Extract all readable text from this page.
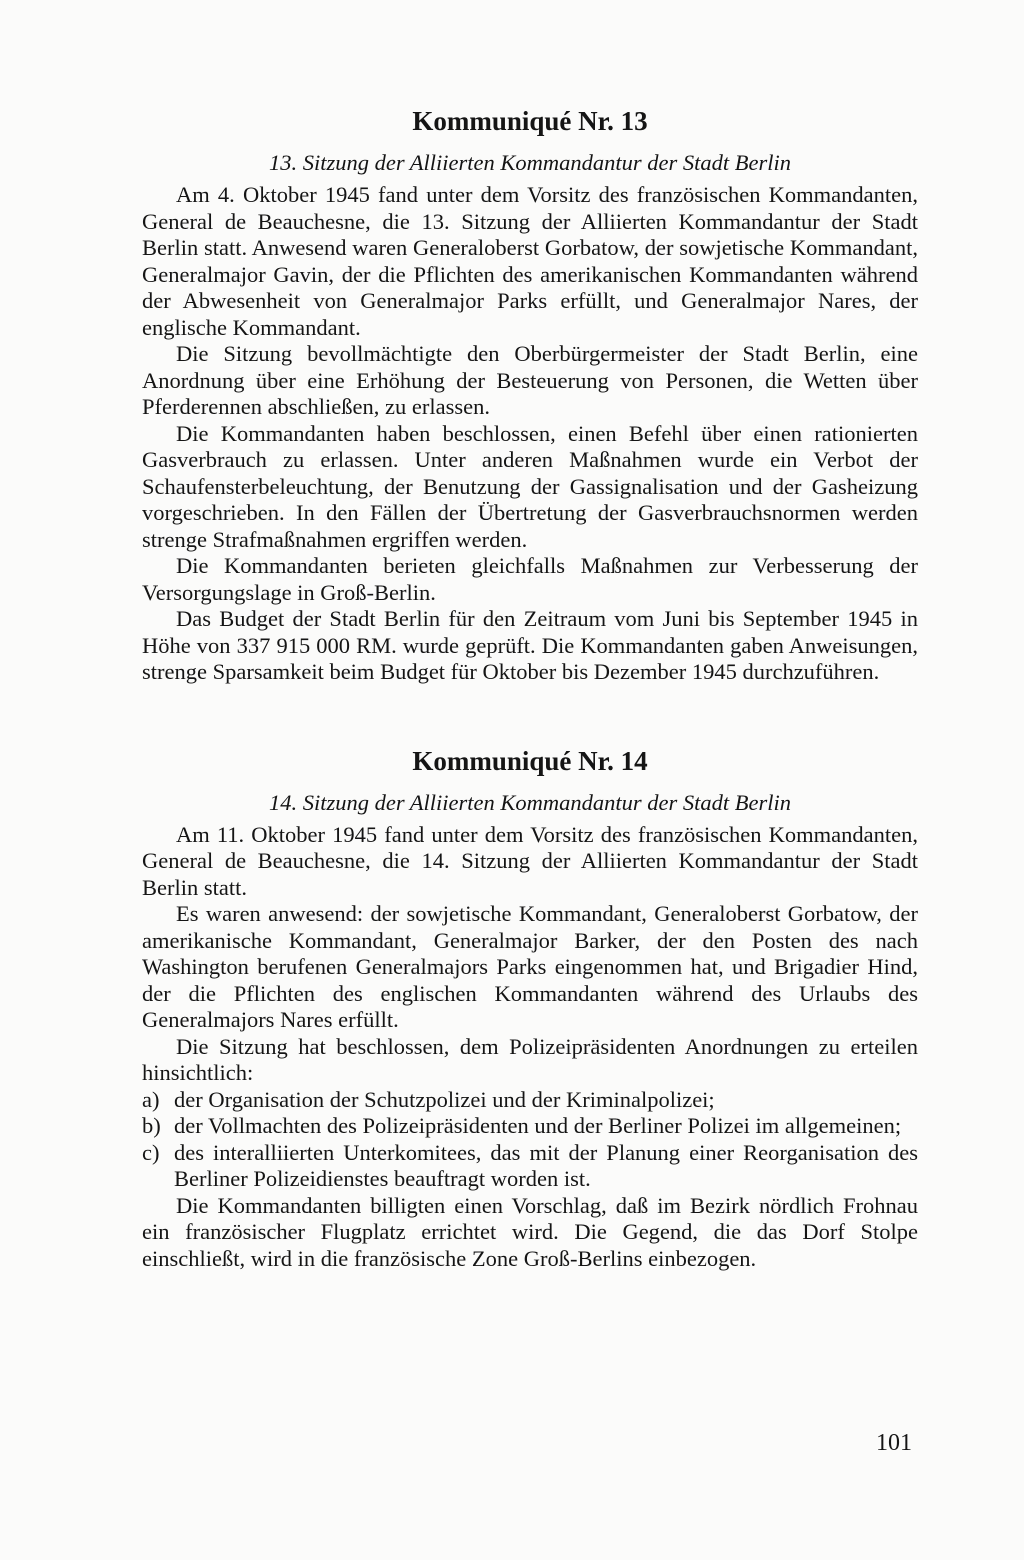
Kommuniqué Nr. 13
13. Sitzung der Alliierten Kommandantur der Stadt Berlin

Am 4. Oktober 1945 fand unter dem Vorsitz des französischen Kommandanten, General de Beauchesne, die 13. Sitzung der Alliierten Kommandantur der Stadt Berlin statt. Anwesend waren Generaloberst Gorbatow, der sowjetische Kommandant, Generalmajor Gavin, der die Pflichten des amerikanischen Kommandanten während der Abwesenheit von Generalmajor Parks erfüllt, und Generalmajor Nares, der englische Kommandant.

Die Sitzung bevollmächtigte den Oberbürgermeister der Stadt Berlin, eine Anordnung über eine Erhöhung der Besteuerung von Personen, die Wetten über Pferderennen abschließen, zu erlassen.

Die Kommandanten haben beschlossen, einen Befehl über einen rationierten Gasverbrauch zu erlassen. Unter anderen Maßnahmen wurde ein Verbot der Schaufensterbeleuchtung, der Benutzung der Gassignalisation und der Gasheizung vorgeschrieben. In den Fällen der Übertretung der Gasverbrauchsnormen werden strenge Strafmaßnahmen ergriffen werden.

Die Kommandanten berieten gleichfalls Maßnahmen zur Verbesserung der Versorgungslage in Groß-Berlin.

Das Budget der Stadt Berlin für den Zeitraum vom Juni bis September 1945 in Höhe von 337 915 000 RM. wurde geprüft. Die Kommandanten gaben Anweisungen, strenge Sparsamkeit beim Budget für Oktober bis Dezember 1945 durchzuführen.

Kommuniqué Nr. 14
14. Sitzung der Alliierten Kommandantur der Stadt Berlin

Am 11. Oktober 1945 fand unter dem Vorsitz des französischen Kommandanten, General de Beauchesne, die 14. Sitzung der Alliierten Kommandantur der Stadt Berlin statt.

Es waren anwesend: der sowjetische Kommandant, Generaloberst Gorbatow, der amerikanische Kommandant, Generalmajor Barker, der den Posten des nach Washington berufenen Generalmajors Parks eingenommen hat, und Brigadier Hind, der die Pflichten des englischen Kommandanten während des Urlaubs des Generalmajors Nares erfüllt.

Die Sitzung hat beschlossen, dem Polizeipräsidenten Anordnungen zu erteilen hinsichtlich:

a) der Organisation der Schutzpolizei und der Kriminalpolizei;
b) der Vollmachten des Polizeipräsidenten und der Berliner Polizei im allgemeinen;
c) des interalliierten Unterkomitees, das mit der Planung einer Reorganisation des Berliner Polizeidienstes beauftragt worden ist.

Die Kommandanten billigten einen Vorschlag, daß im Bezirk nördlich Frohnau ein französischer Flugplatz errichtet wird. Die Gegend, die das Dorf Stolpe einschließt, wird in die französische Zone Groß-Berlins einbezogen.

101
